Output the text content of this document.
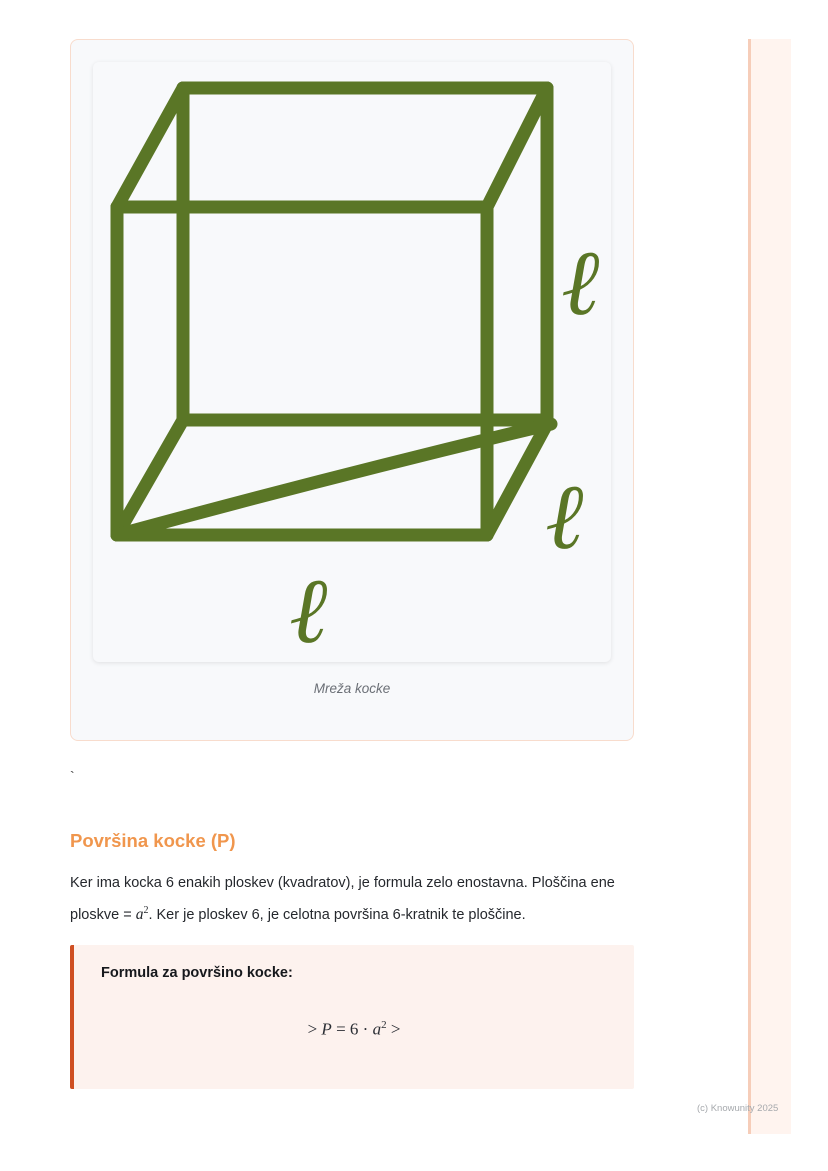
ℓ
ℓ
ℓ
Mreža kocke
`
Površina kocke (P)

Ker ima kocka 6 enakih ploskev (kvadratov), je formula zelo enostavna. Ploščina ene ploskve = $a^2$. Ker je ploskev 6, je celotna površina 6-kratnik te ploščine.

Formula za površino kocke:
> $P = 6 \cdot a^2$ >
(c) Knowunity 2025
